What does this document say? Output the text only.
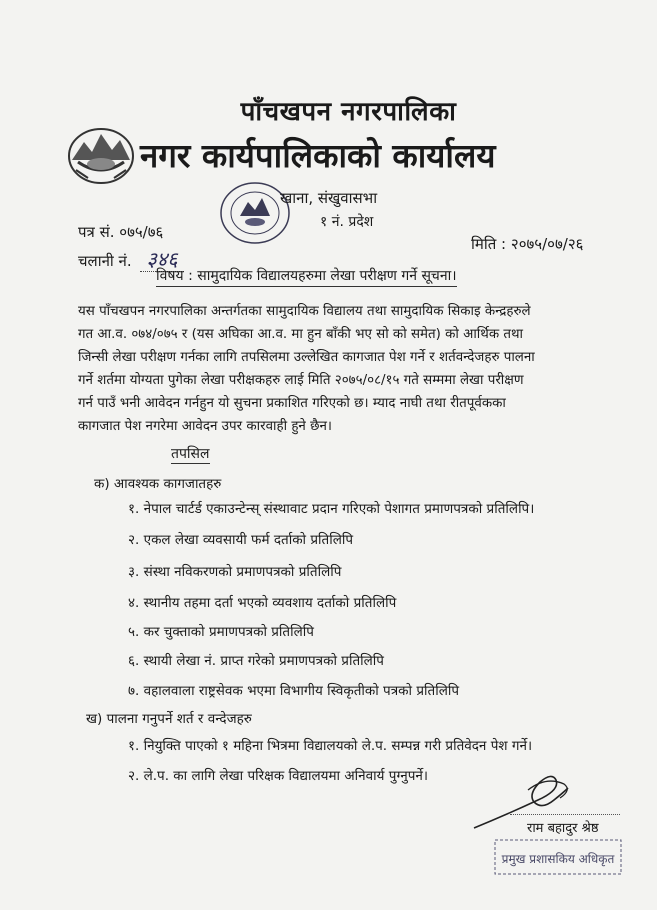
पाँचखपन नगरपालिका
नगर कार्यपालिकाको कार्यालय
खाना, संखुवासभा
१ नं. प्रदेश
पत्र सं. ०७५/७६
चलानी नं. ३४६
मिति : २०७५/०७/२६
विषय : सामुदायिक विद्यालयहरुमा लेखा परीक्षण गर्ने सूचना।
यस पाँचखपन नगरपालिका अन्तर्गतका सामुदायिक विद्यालय तथा सामुदायिक सिकाइ केन्द्रहरुले
गत आ.व. ०७४/०७५ र (यस अघिका आ.व. मा हुन बाँकी भए सो को समेत) को आर्थिक तथा
जिन्सी लेखा परीक्षण गर्नका लागि तपसिलमा उल्लेखित कागजात पेश गर्ने र शर्तवन्देजहरु पालना
गर्ने शर्तमा योग्यता पुगेका लेखा परीक्षकहरु लाई मिति २०७५/०८/१५ गते सम्ममा लेखा परीक्षण
गर्न पाउँ भनी आवेदन गर्नहुन यो सुचना प्रकाशित गरिएको छ। म्याद नाघी तथा रीतपूर्वकका
कागजात पेश नगरेमा आवेदन उपर कारवाही हुने छैन।
तपसिल
क) आवश्यक कागजातहरु
१. नेपाल चार्टर्ड एकाउन्टेन्स् संस्थावाट प्रदान गरिएको पेशागत प्रमाणपत्रको प्रतिलिपि।
२. एकल लेखा व्यवसायी फर्म दर्ताको प्रतिलिपि
३. संस्था नविकरणको प्रमाणपत्रको प्रतिलिपि
४. स्थानीय तहमा दर्ता भएको व्यवशाय दर्ताको प्रतिलिपि
५. कर चुक्ताको प्रमाणपत्रको प्रतिलिपि
६. स्थायी लेखा नं. प्राप्त गरेको प्रमाणपत्रको प्रतिलिपि
७. वहालवाला राष्ट्रसेवक भएमा विभागीय स्विकृतीको पत्रको प्रतिलिपि
ख) पालना गनुपर्ने शर्त र वन्देजहरु
१. नियुक्ति पाएको १ महिना भित्रमा विद्यालयको ले.प. सम्पन्न गरी प्रतिवेदन पेश गर्ने।
२. ले.प. का लागि लेखा परिक्षक विद्यालयमा अनिवार्य पुग्नुपर्ने।
राम बहादुर श्रेष्ठ
प्रमुख प्रशासकिय अधिकृत
